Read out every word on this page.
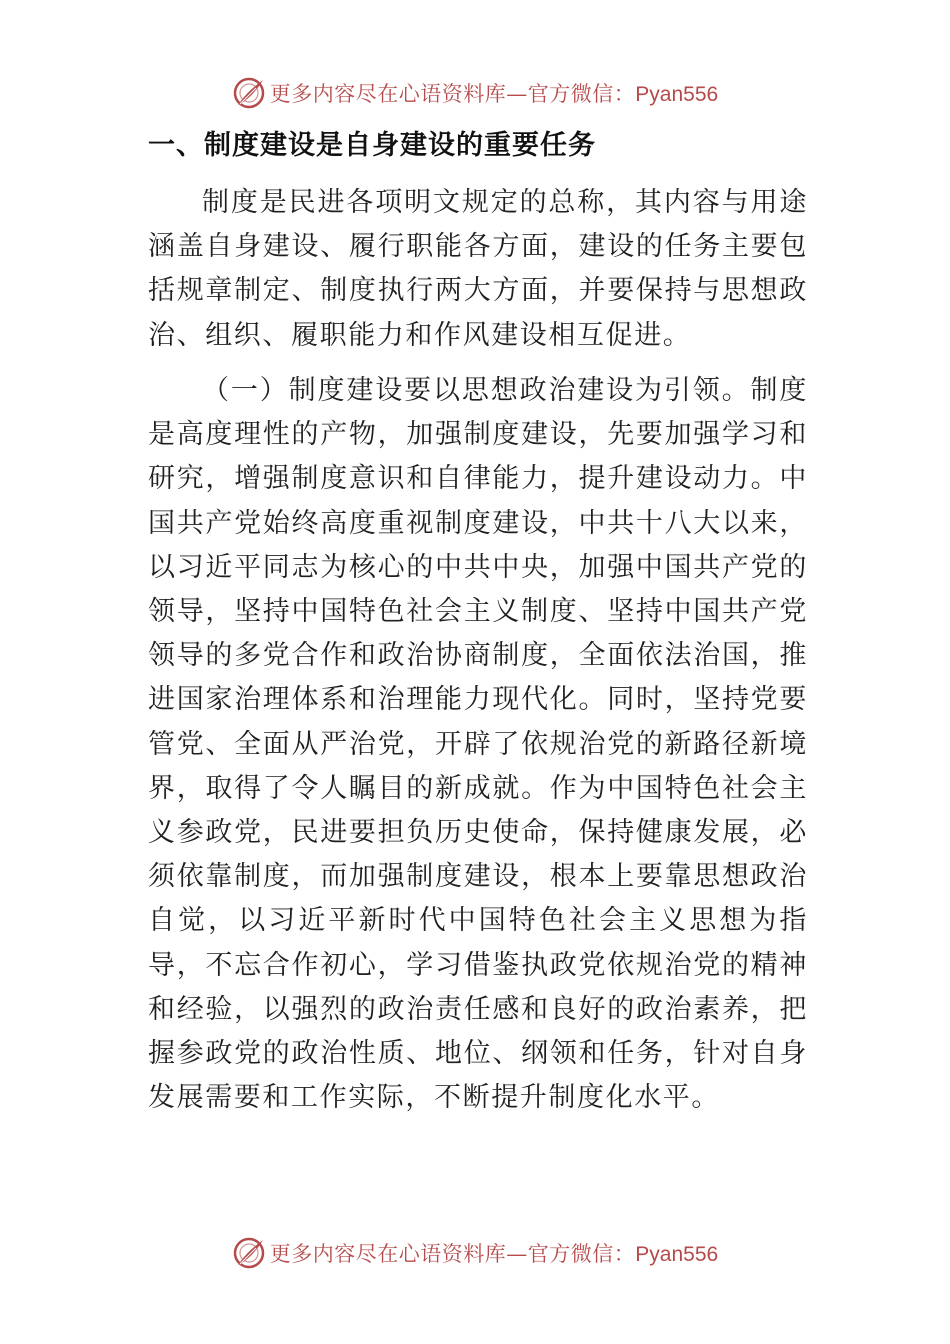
更多内容尽在心语资料库—官方微信：Pyan556
一、制度建设是自身建设的重要任务

制度是民进各项明文规定的总称，其内容与用途涵盖自身建设、履行职能各方面，建设的任务主要包括规章制定、制度执行两大方面，并要保持与思想政治、组织、履职能力和作风建设相互促进。

（一）制度建设要以思想政治建设为引领。制度是高度理性的产物，加强制度建设，先要加强学习和研究，增强制度意识和自律能力，提升建设动力。中国共产党始终高度重视制度建设，中共十八大以来，以习近平同志为核心的中共中央，加强中国共产党的领导，坚持中国特色社会主义制度、坚持中国共产党领导的多党合作和政治协商制度，全面依法治国，推进国家治理体系和治理能力现代化。同时，坚持党要管党、全面从严治党，开辟了依规治党的新路径新境界，取得了令人瞩目的新成就。作为中国特色社会主义参政党，民进要担负历史使命，保持健康发展，必须依靠制度，而加强制度建设，根本上要靠思想政治自觉，以习近平新时代中国特色社会主义思想为指导，不忘合作初心，学习借鉴执政党依规治党的精神和经验，以强烈的政治责任感和良好的政治素养，把握参政党的政治性质、地位、纲领和任务，针对自身发展需要和工作实际，不断提升制度化水平。

更多内容尽在心语资料库—官方微信：Pyan556
